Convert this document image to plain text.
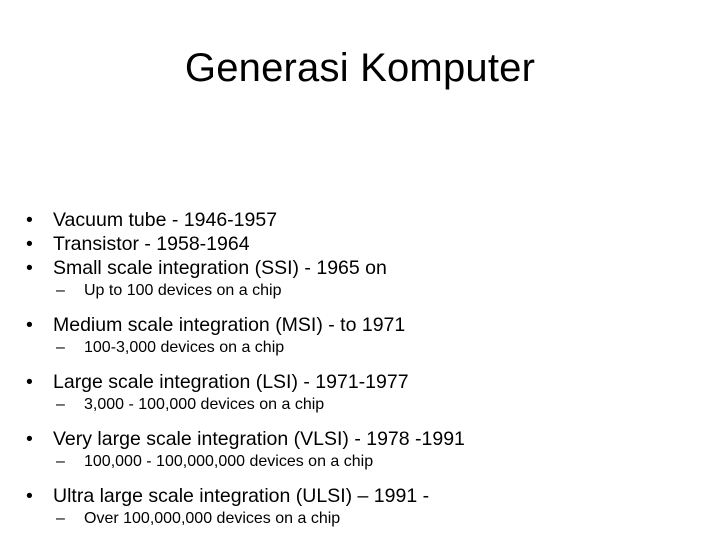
Generasi Komputer
•	Vacuum tube - 1946-1957
•	Transistor - 1958-1964
•	Small scale integration (SSI) - 1965 on
– Up to 100 devices on a chip
•	Medium scale integration (MSI) - to 1971
– 100-3,000 devices on a chip
•	Large scale integration (LSI) - 1971-1977
– 3,000 - 100,000 devices on a chip
•	Very large scale integration (VLSI) - 1978 -1991
– 100,000 - 100,000,000 devices on a chip
•	Ultra large scale integration (ULSI) – 1991 -
– Over 100,000,000 devices on a chip
